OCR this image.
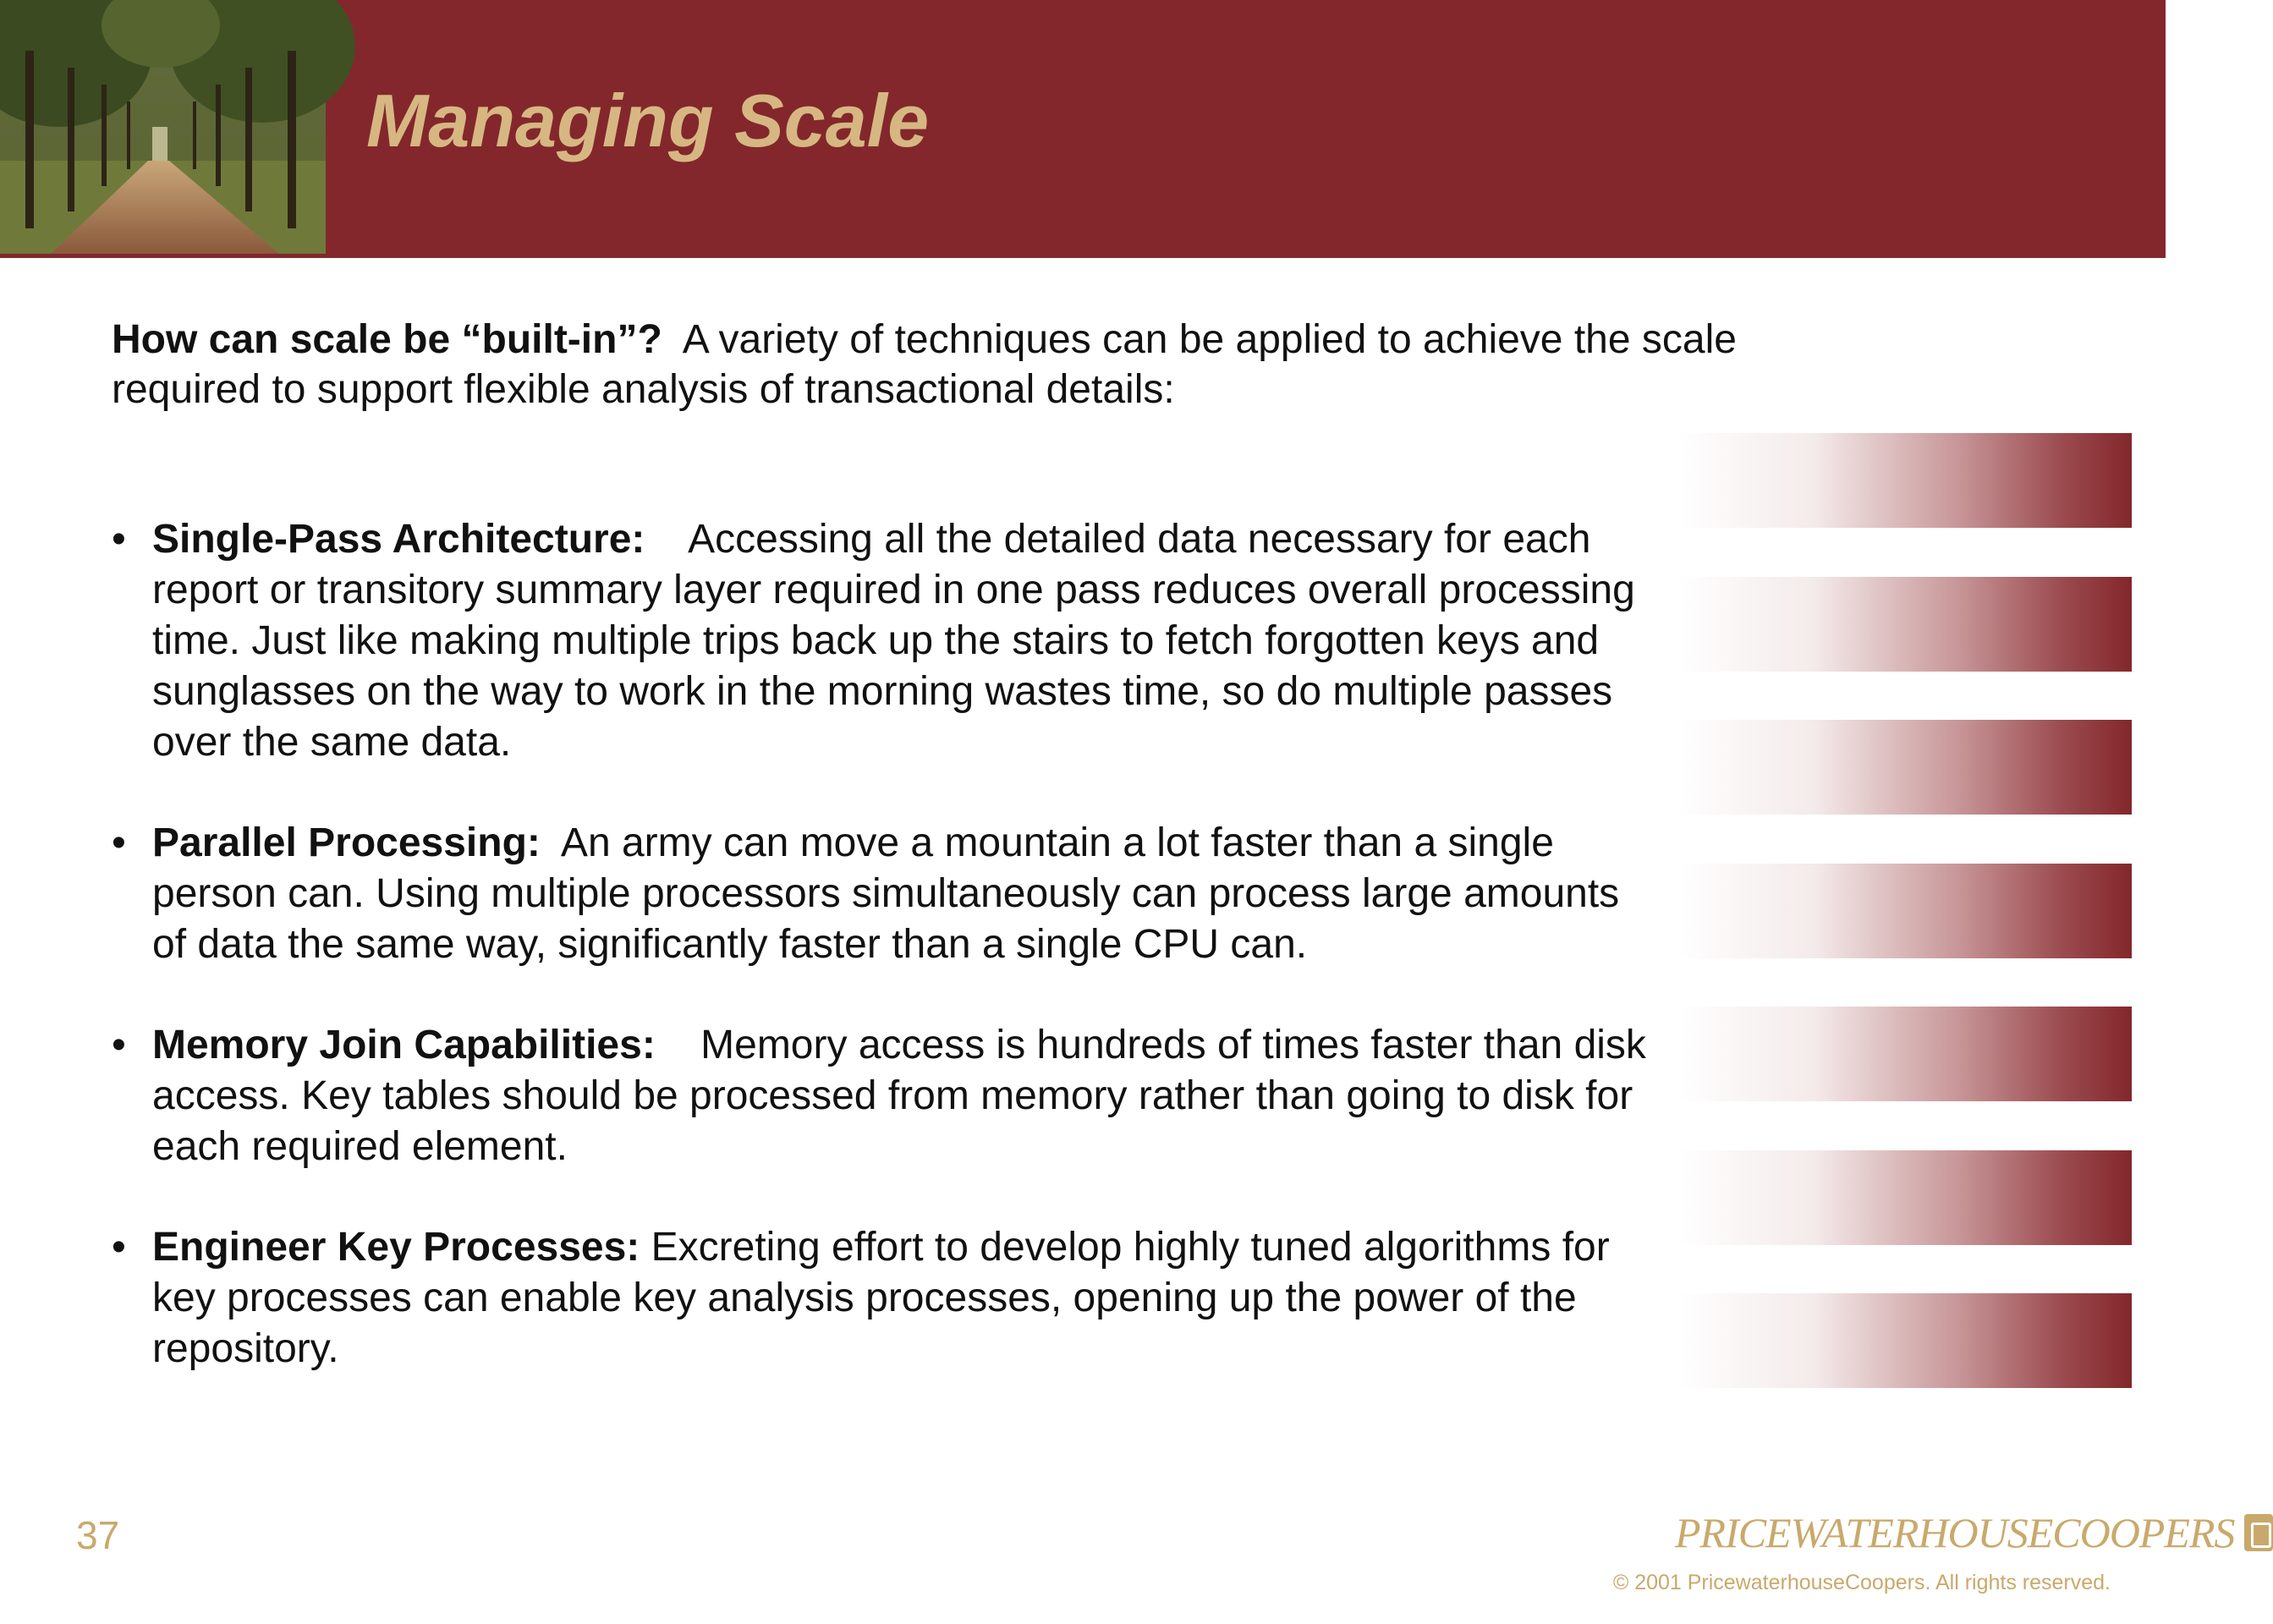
Managing Scale
How can scale be “built-in”? A variety of techniques can be applied to achieve the scale required to support flexible analysis of transactional details:
• Single-Pass Architecture: Accessing all the detailed data necessary for each report or transitory summary layer required in one pass reduces overall processing time. Just like making multiple trips back up the stairs to fetch forgotten keys and sunglasses on the way to work in the morning wastes time, so do multiple passes over the same data.
• Parallel Processing: An army can move a mountain a lot faster than a single person can. Using multiple processors simultaneously can process large amounts of data the same way, significantly faster than a single CPU can.
• Memory Join Capabilities: Memory access is hundreds of times faster than disk access. Key tables should be processed from memory rather than going to disk for each required element.
• Engineer Key Processes: Excreting effort to develop highly tuned algorithms for key processes can enable key analysis processes, opening up the power of the repository.
37	PRICEWATERHOUSECOOPERS
© 2001 PricewaterhouseCoopers. All rights reserved.
